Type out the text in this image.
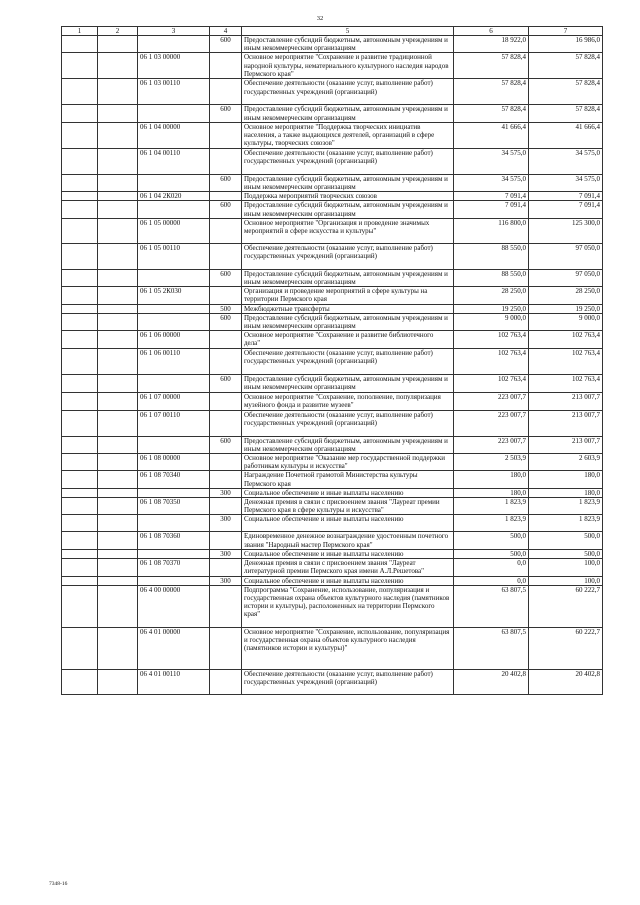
32
1	2	3	4	5	6	7
			600	Предоставление субсидий бюджетным, автономным учреждениям и иным некоммерческим организациям	18 922,0	16 986,0
		06 1 03 00000		Основное мероприятие "Сохранение и развитие традиционной народной культуры, нематериального культурного наследия народов Пермского края"	57 828,4	57 828,4
		06 1 03 00110		Обеспечение деятельности (оказание услуг, выполнение работ) государственных учреждений (организаций)	57 828,4	57 828,4
			600	Предоставление субсидий бюджетным, автономным учреждениям и иным некоммерческим организациям	57 828,4	57 828,4
		06 1 04 00000		Основное мероприятие "Поддержка творческих инициатив населения, а также выдающихся деятелей, организаций в сфере культуры, творческих союзов"	41 666,4	41 666,4
		06 1 04 00110		Обеспечение деятельности (оказание услуг, выполнение работ) государственных учреждений (организаций)	34 575,0	34 575,0
			600	Предоставление субсидий бюджетным, автономным учреждениям и иным некоммерческим организациям	34 575,0	34 575,0
		06 1 04 2К020		Поддержка мероприятий творческих союзов	7 091,4	7 091,4
			600	Предоставление субсидий бюджетным, автономным учреждениям и иным некоммерческим организациям	7 091,4	7 091,4
		06 1 05 00000		Основное мероприятие "Организация и проведение значимых мероприятий в сфере искусства и культуры"	116 800,0	125 300,0
		06 1 05 00110		Обеспечение деятельности (оказание услуг, выполнение работ) государственных учреждений (организаций)	88 550,0	97 050,0
			600	Предоставление субсидий бюджетным, автономным учреждениям и иным некоммерческим организациям	88 550,0	97 050,0
		06 1 05 2К030		Организация и проведение мероприятий в сфере культуры на территории Пермского края	28 250,0	28 250,0
			500	Межбюджетные трансферты	19 250,0	19 250,0
			600	Предоставление субсидий бюджетным, автономным учреждениям и иным некоммерческим организациям	9 000,0	9 000,0
		06 1 06 00000		Основное мероприятие "Сохранение и развитие библиотечного дела"	102 763,4	102 763,4
		06 1 06 00110		Обеспечение деятельности (оказание услуг, выполнение работ) государственных учреждений (организаций)	102 763,4	102 763,4
			600	Предоставление субсидий бюджетным, автономным учреждениям и иным некоммерческим организациям	102 763,4	102 763,4
		06 1 07 00000		Основное мероприятие "Сохранение, пополнение, популяризация музейного фонда и развитие музеев"	223 007,7	213 007,7
		06 1 07 00110		Обеспечение деятельности (оказание услуг, выполнение работ) государственных учреждений (организаций)	223 007,7	213 007,7
			600	Предоставление субсидий бюджетным, автономным учреждениям и иным некоммерческим организациям	223 007,7	213 007,7
		06 1 08 00000		Основное мероприятие "Оказание мер государственной поддержки работникам культуры и искусства"	2 503,9	2 603,9
		06 1 08 70340		Награждение Почетной грамотой Министерства культуры Пермского края	180,0	180,0
			300	Социальное обеспечение и иные выплаты населению	180,0	180,0
		06 1 08 70350		Денежная премия в связи с присвоением звания "Лауреат премии Пермского края в сфере культуры и искусства"	1 823,9	1 823,9
			300	Социальное обеспечение и иные выплаты населению	1 823,9	1 823,9
		06 1 08 70360		Единовременное денежное вознаграждение удостоенным почетного звания "Народный мастер Пермского края"	500,0	500,0
			300	Социальное обеспечение и иные выплаты населению	500,0	500,0
		06 1 08 70370		Денежная премия в связи с присвоением звания "Лауреат литературной премии Пермского края имени А.Л.Решетова"	0,0	100,0
			300	Социальное обеспечение и иные выплаты населению	0,0	100,0
		06 4 00 00000		Подпрограмма "Сохранение, использование, популяризация и государственная охрана объектов культурного наследия (памятников истории и культуры), расположенных на территории Пермского края"	63 807,5	60 222,7
		06 4 01 00000		Основное мероприятие "Сохранение, использование, популяризация и государственная охрана объектов культурного наследия (памятников истории и культуры)"	63 807,5	60 222,7
		06 4 01 00110		Обеспечение деятельности (оказание услуг, выполнение работ) государственных учреждений (организаций)	20 402,8	20 402,8
7348-16
